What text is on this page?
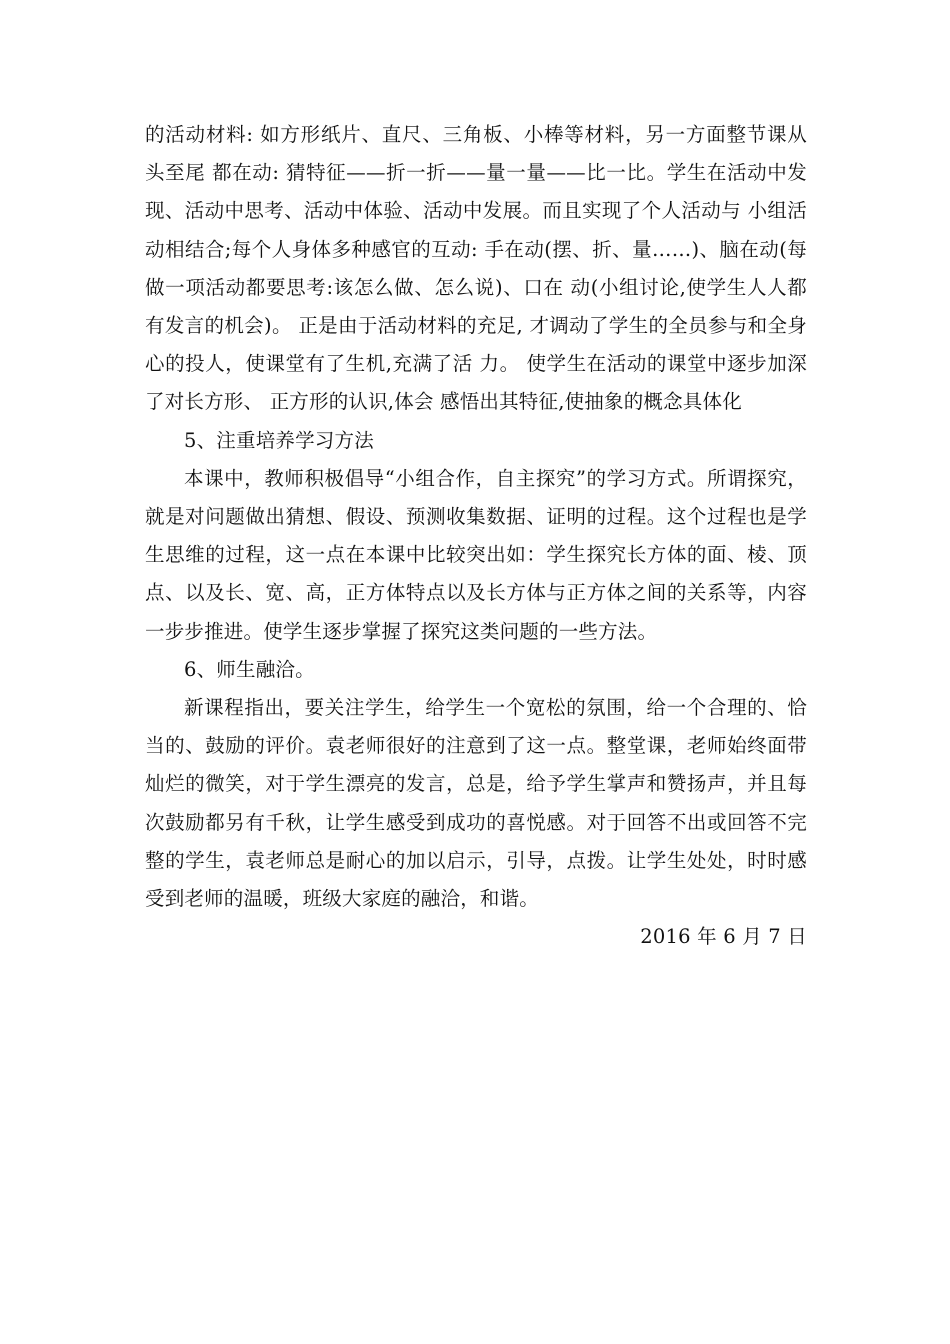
的活动材料: 如方形纸片、直尺、三角板、小棒等材料，另一方面整节课从头至尾 都在动: 猜特征——折一折——量一量——比一比。学生在活动中发 现、活动中思考、活动中体验、活动中发展。而且实现了个人活动与 小组活动相结合;每个人身体多种感官的互动: 手在动(摆、折、量……)、脑在动(每做一项活动都要思考:该怎么做、怎么说)、口在 动(小组讨论,使学生人人都有发言的机会)。 正是由于活动材料的充足, 才调动了学生的全员参与和全身心的投人，使课堂有了生机,充满了活 力。 使学生在活动的课堂中逐步加深了对长方形、 正方形的认识,体会 感悟出其特征,使抽象的概念具体化

5、注重培养学习方法

本课中，教师积极倡导“小组合作，自主探究”的学习方式。所谓探究，就是对问题做出猜想、假设、预测收集数据、证明的过程。这个过程也是学生思维的过程，这一点在本课中比较突出如：学生探究长方体的面、棱、顶点、以及长、宽、高，正方体特点以及长方体与正方体之间的关系等，内容一步步推进。使学生逐步掌握了探究这类问题的一些方法。

6、师生融洽。

新课程指出，要关注学生，给学生一个宽松的氛围，给一个合理的、恰当的、鼓励的评价。袁老师很好的注意到了这一点。整堂课，老师始终面带灿烂的微笑，对于学生漂亮的发言，总是，给予学生掌声和赞扬声，并且每次鼓励都另有千秋，让学生感受到成功的喜悦感。对于回答不出或回答不完整的学生，袁老师总是耐心的加以启示，引导，点拨。让学生处处，时时感受到老师的温暖，班级大家庭的融洽，和谐。

2016 年 6 月 7 日
